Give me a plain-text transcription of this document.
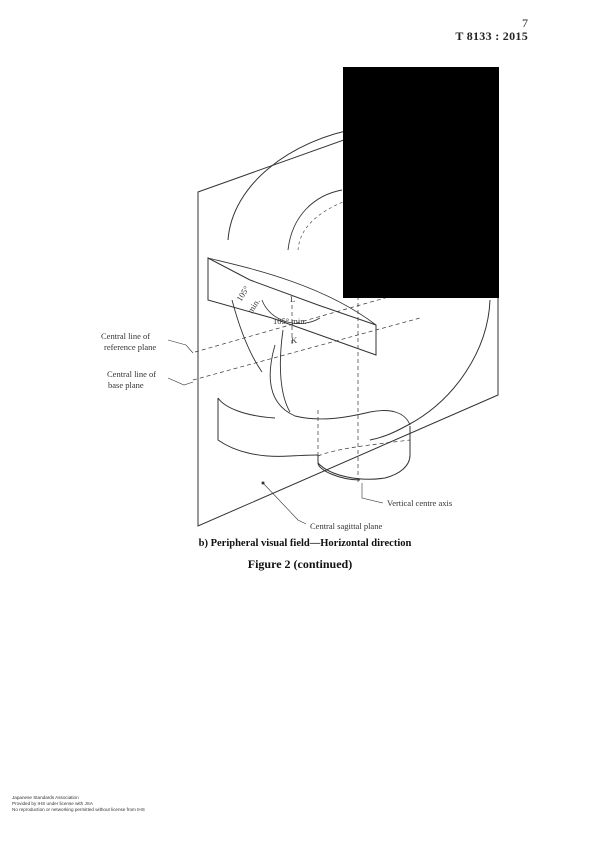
7
T 8133 : 2015
105°
min.
105° min.
L
K
Central line of
reference plane
Central line of
base plane
Vertical centre axis
Central sagittal plane
b) Peripheral visual field—Horizontal direction
Figure 2 (continued)
Japanese Standards Association
Provided by IHS under license with JSA
No reproduction or networking permitted without license from IHS
